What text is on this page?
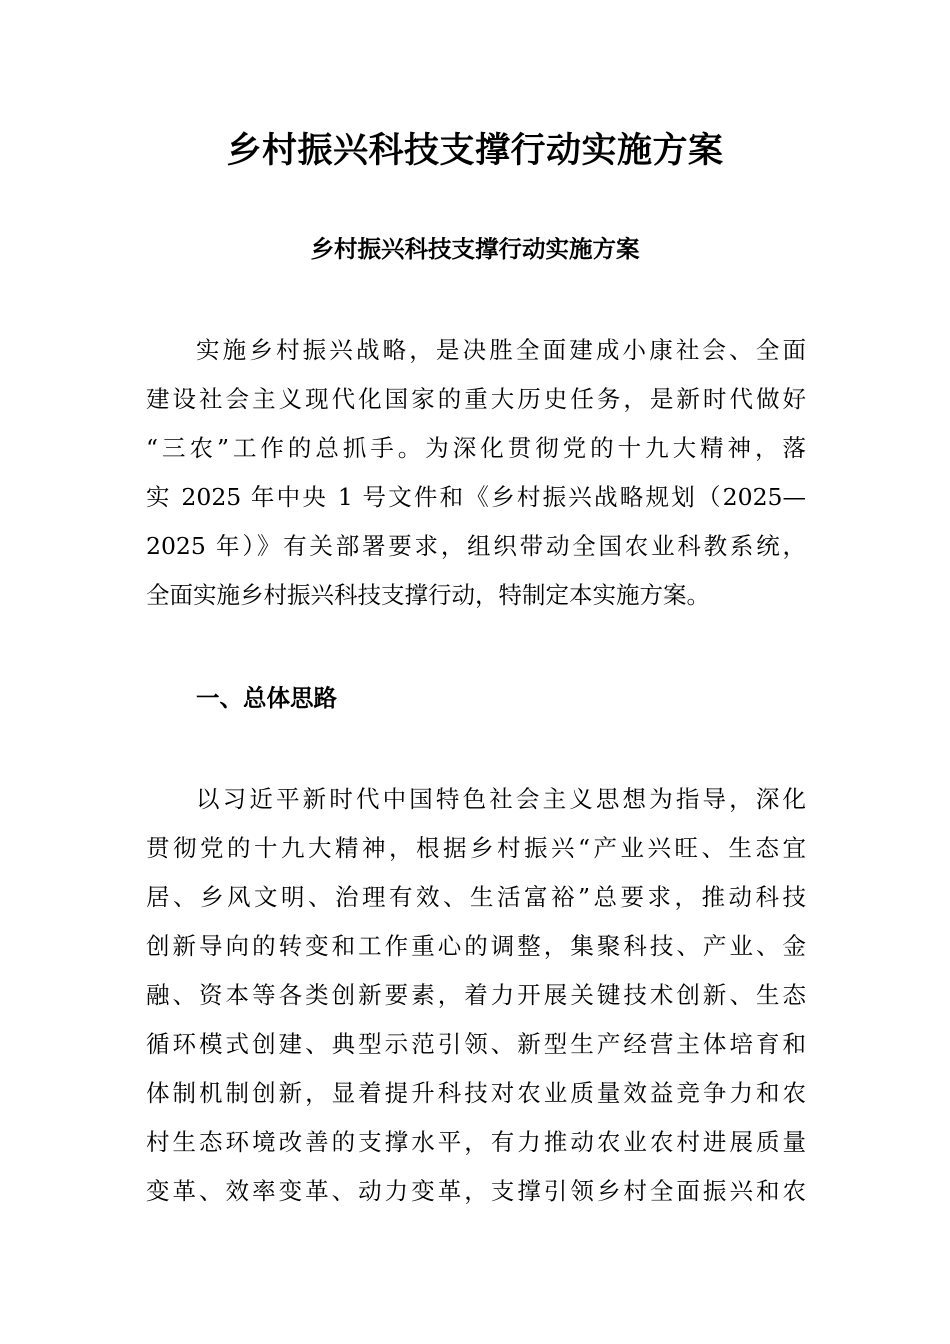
乡村振兴科技支撑行动实施方案
乡村振兴科技支撑行动实施方案
实施乡村振兴战略，是决胜全面建成小康社会、全面
建设社会主义现代化国家的重大历史任务，是新时代做好
“三农”工作的总抓手。为深化贯彻党的十九大精神，落
实 2025 年中央 1 号文件和《乡村振兴战略规划（2025—
2025 年）》有关部署要求，组织带动全国农业科教系统，
全面实施乡村振兴科技支撑行动，特制定本实施方案。
一、总体思路
以习近平新时代中国特色社会主义思想为指导，深化
贯彻党的十九大精神，根据乡村振兴“产业兴旺、生态宜
居、乡风文明、治理有效、生活富裕”总要求，推动科技
创新导向的转变和工作重心的调整，集聚科技、产业、金
融、资本等各类创新要素，着力开展关键技术创新、生态
循环模式创建、典型示范引领、新型生产经营主体培育和
体制机制创新，显着提升科技对农业质量效益竞争力和农
村生态环境改善的支撑水平，有力推动农业农村进展质量
变革、效率变革、动力变革，支撑引领乡村全面振兴和农
